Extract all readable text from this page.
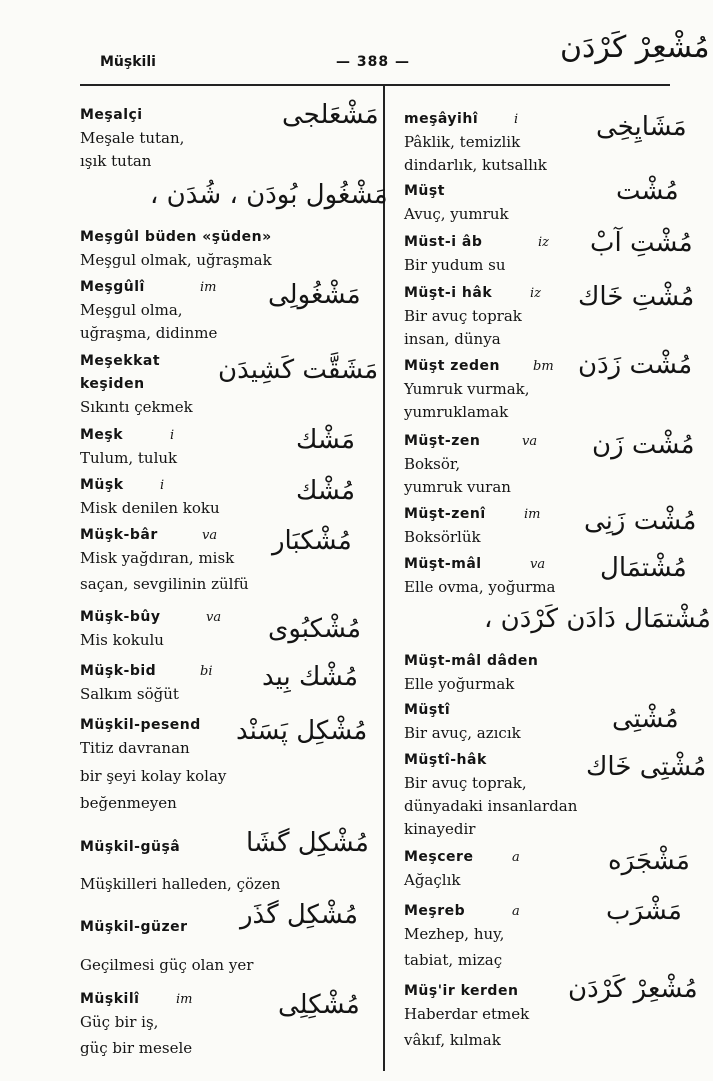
Müşkili	— 388 —	مُشْعِرْ كَرْدَن
Meşalçi	مَشْعَلجى
Meşale tutan,
ışık tutan
مَشْغُول بُودَن ، شُدَن ،
Meşgûl büden «şüden»
Meşgul olmak, uğraşmak
Meşgûlî	im مَشْغُولِى
Meşgul olma,
uğraşma, didinme
Meşekkat
keşiden	مَشَقَّت كَشِيدَن
Sıkıntı çekmek
Meşk	i	مَشْك
Tulum, tuluk
Müşk	i	مُشْك
Misk denilen koku
Müşk-bâr	va مُشْكبَار
Misk yağdıran, misk
saçan, sevgilinin zülfü
Müşk-bûy	va مُشْكبُوى
Mis kokulu
Müşk-bid	bi مُشْك بِيد
Salkım söğüt
Müşkil-pesend مُشْكِل پَسَنْد
Titiz davranan
bir şeyi kolay kolay
beğenmeyen
Müşkil-güşâ	مُشْكِل گشَا
Müşkilleri halleden, çözen
Müşkil-güzer مُشْكِل گذَر
Geçilmesi güç olan yer
Müşkilî	im	مُشْكِلِى
Güç bir iş,
güç bir mesele
meşâyihî	i	مَشَايِخِى
Pâklik, temizlik
dindarlık, kutsallık
Müşt	مُشْت
Avuç, yumruk
Müst-i âb	iz مُشْتِ آبْ
Bir yudum su
Müşt-i hâk	iz مُشْتِ خَاك
Bir avuç toprak
insan, dünya
Müşt zeden	bm مُشْت زَدَن
Yumruk vurmak,
yumruklamak
Müşt-zen	va مُشْت زَن
Boksör,
yumruk vuran
Müşt-zenî	im مُشْت زَنِى
Boksörlük
Müşt-mâl	va مُشْتمَال
Elle ovma, yoğurma
مُشْتمَال دَادَن كَرْدَن ،
Müşt-mâl dâden
Elle yoğurmak
Müştî	مُشْتِى
Bir avuç, azıcık
Müştî-hâk	مُشْتِى خَاك
Bir avuç toprak,
dünyadaki insanlardan
kinayedir
Meşcere	a	مَشْجَرَه
Ağaçlık
Meşreb	a	مَشْرَب
Mezhep, huy,
tabiat, mizaç
Müş'ir kerden مُشْعِرْ كَرْدَن
Haberdar etmek
vâkıf, kılmak
